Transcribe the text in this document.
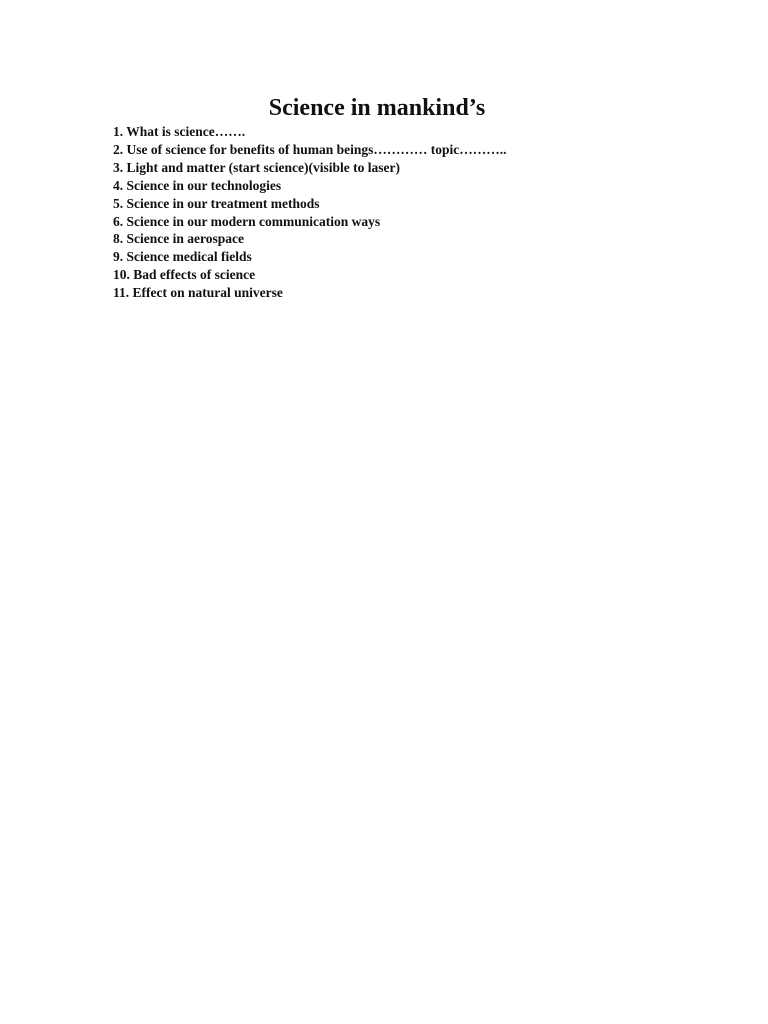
Science in mankind’s
1. What is science…….
2. Use of science for benefits of human beings………… topic………..
3. Light and matter (start science)(visible to laser)
4. Science in our technologies
5. Science in our treatment methods
6. Science in our modern communication ways
8. Science in aerospace
9. Science medical fields
10. Bad effects of science
11. Effect on natural universe
